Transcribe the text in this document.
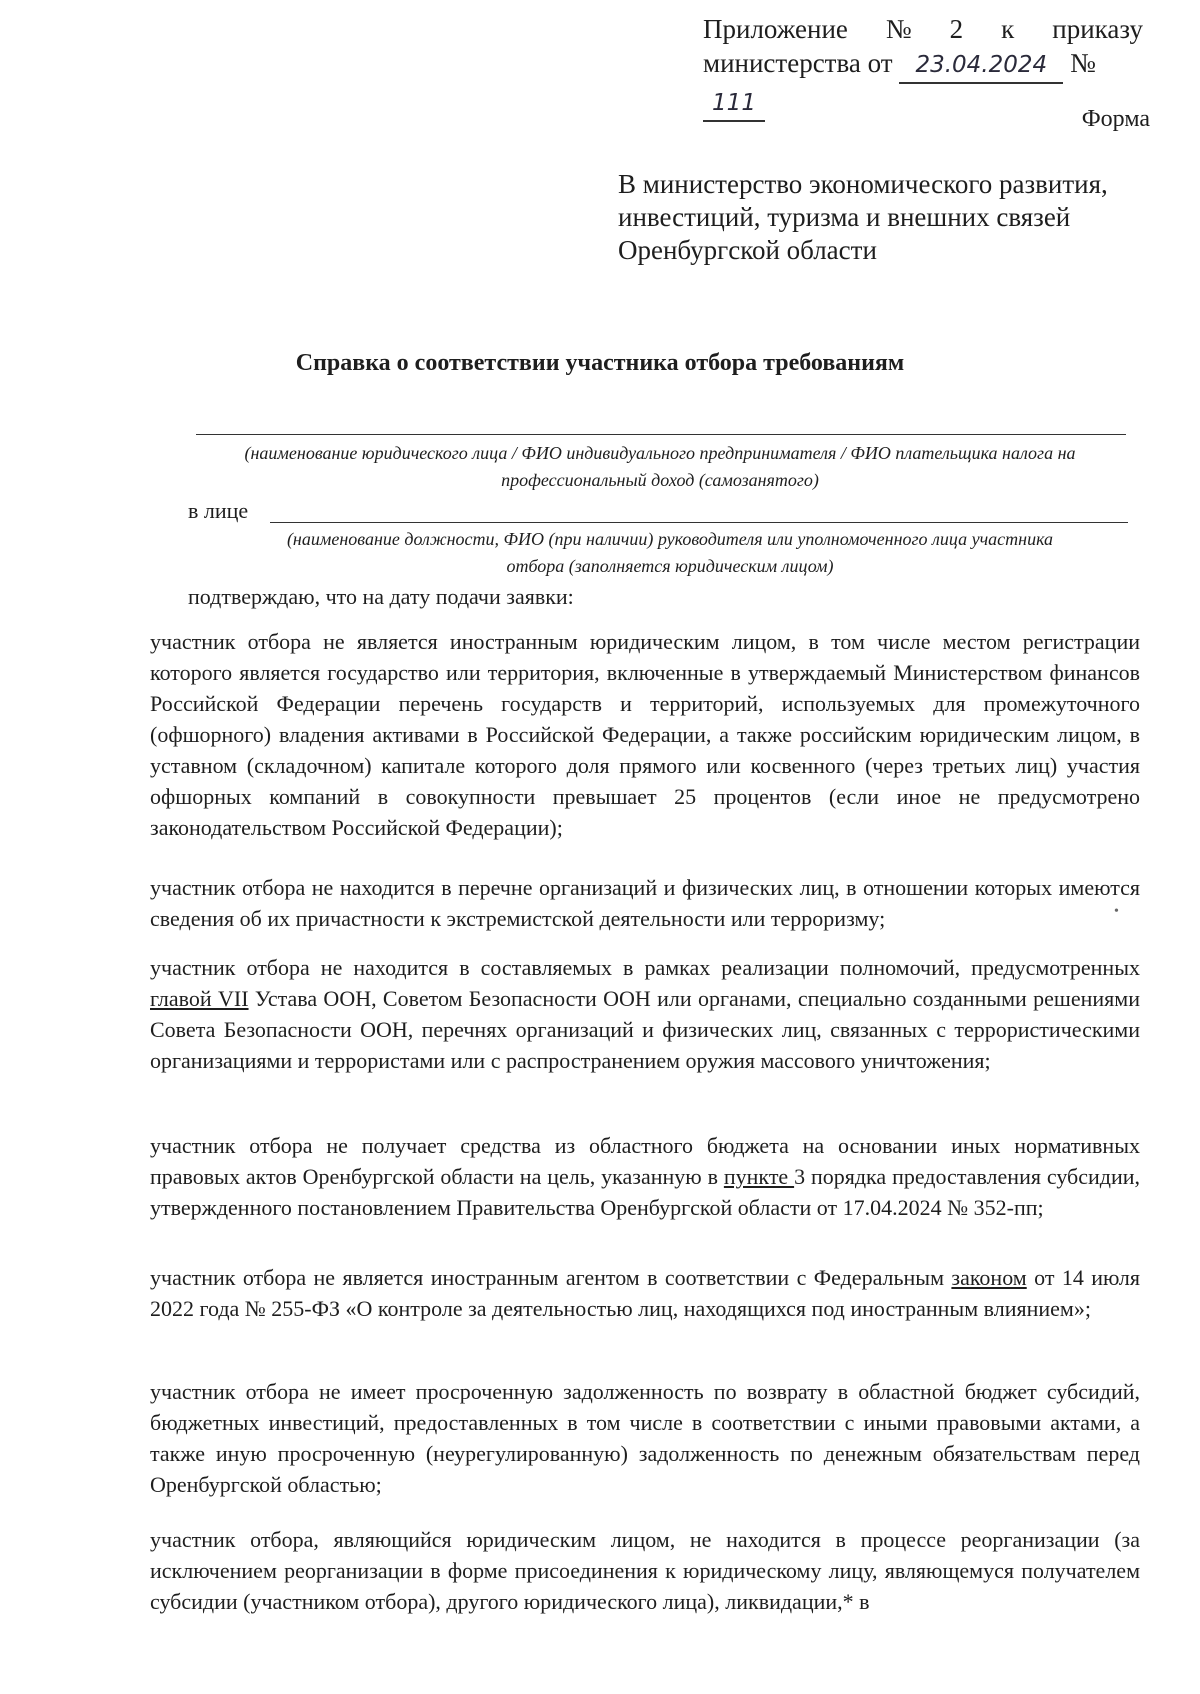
Приложение № 2 к приказу
министерства от 23.04.2024 № 111
Форма
В министерство экономического развития,
инвестиций, туризма и внешних связей
Оренбургской области
Справка о соответствии участника отбора требованиям
(наименование юридического лица / ФИО индивидуального предпринимателя / ФИО плательщика налога на
профессиональный доход (самозанятого)
в лице
(наименование должности, ФИО (при наличии) руководителя или уполномоченного лица участника
отбора (заполняется юридическим лицом)
подтверждаю, что на дату подачи заявки:
участник отбора не является иностранным юридическим лицом, в том числе местом регистрации которого является государство или территория, включенные в утверждаемый Министерством финансов Российской Федерации перечень государств и территорий, используемых для промежуточного (офшорного) владения активами в Российской Федерации, а также российским юридическим лицом, в уставном (складочном) капитале которого доля прямого или косвенного (через третьих лиц) участия офшорных компаний в совокупности превышает 25 процентов (если иное не предусмотрено законодательством Российской Федерации);
участник отбора не находится в перечне организаций и физических лиц, в отношении которых имеются сведения об их причастности к экстремистской деятельности или терроризму;	•
участник отбора не находится в составляемых в рамках реализации полномочий, предусмотренных главой VII Устава ООН, Советом Безопасности ООН или органами, специально созданными решениями Совета Безопасности ООН, перечнях организаций и физических лиц, связанных с террористическими организациями и террористами или с распространением оружия массового уничтожения;
участник отбора не получает средства из областного бюджета на основании иных нормативных правовых актов Оренбургской области на цель, указанную в пункте 3 порядка предоставления субсидии, утвержденного постановлением Правительства Оренбургской области от 17.04.2024 № 352-пп;
участник отбора не является иностранным агентом в соответствии с Федеральным законом от 14 июля 2022 года № 255-ФЗ «О контроле за деятельностью лиц, находящихся под иностранным влиянием»;
участник отбора не имеет просроченную задолженность по возврату в областной бюджет субсидий, бюджетных инвестиций, предоставленных в том числе в соответствии с иными правовыми актами, а также иную просроченную (неурегулированную) задолженность по денежным обязательствам перед Оренбургской областью;
участник отбора, являющийся юридическим лицом, не находится в процессе реорганизации (за исключением реорганизации в форме присоединения к юридическому лицу, являющемуся получателем субсидии (участником отбора), другого юридического лица), ликвидации,* в
